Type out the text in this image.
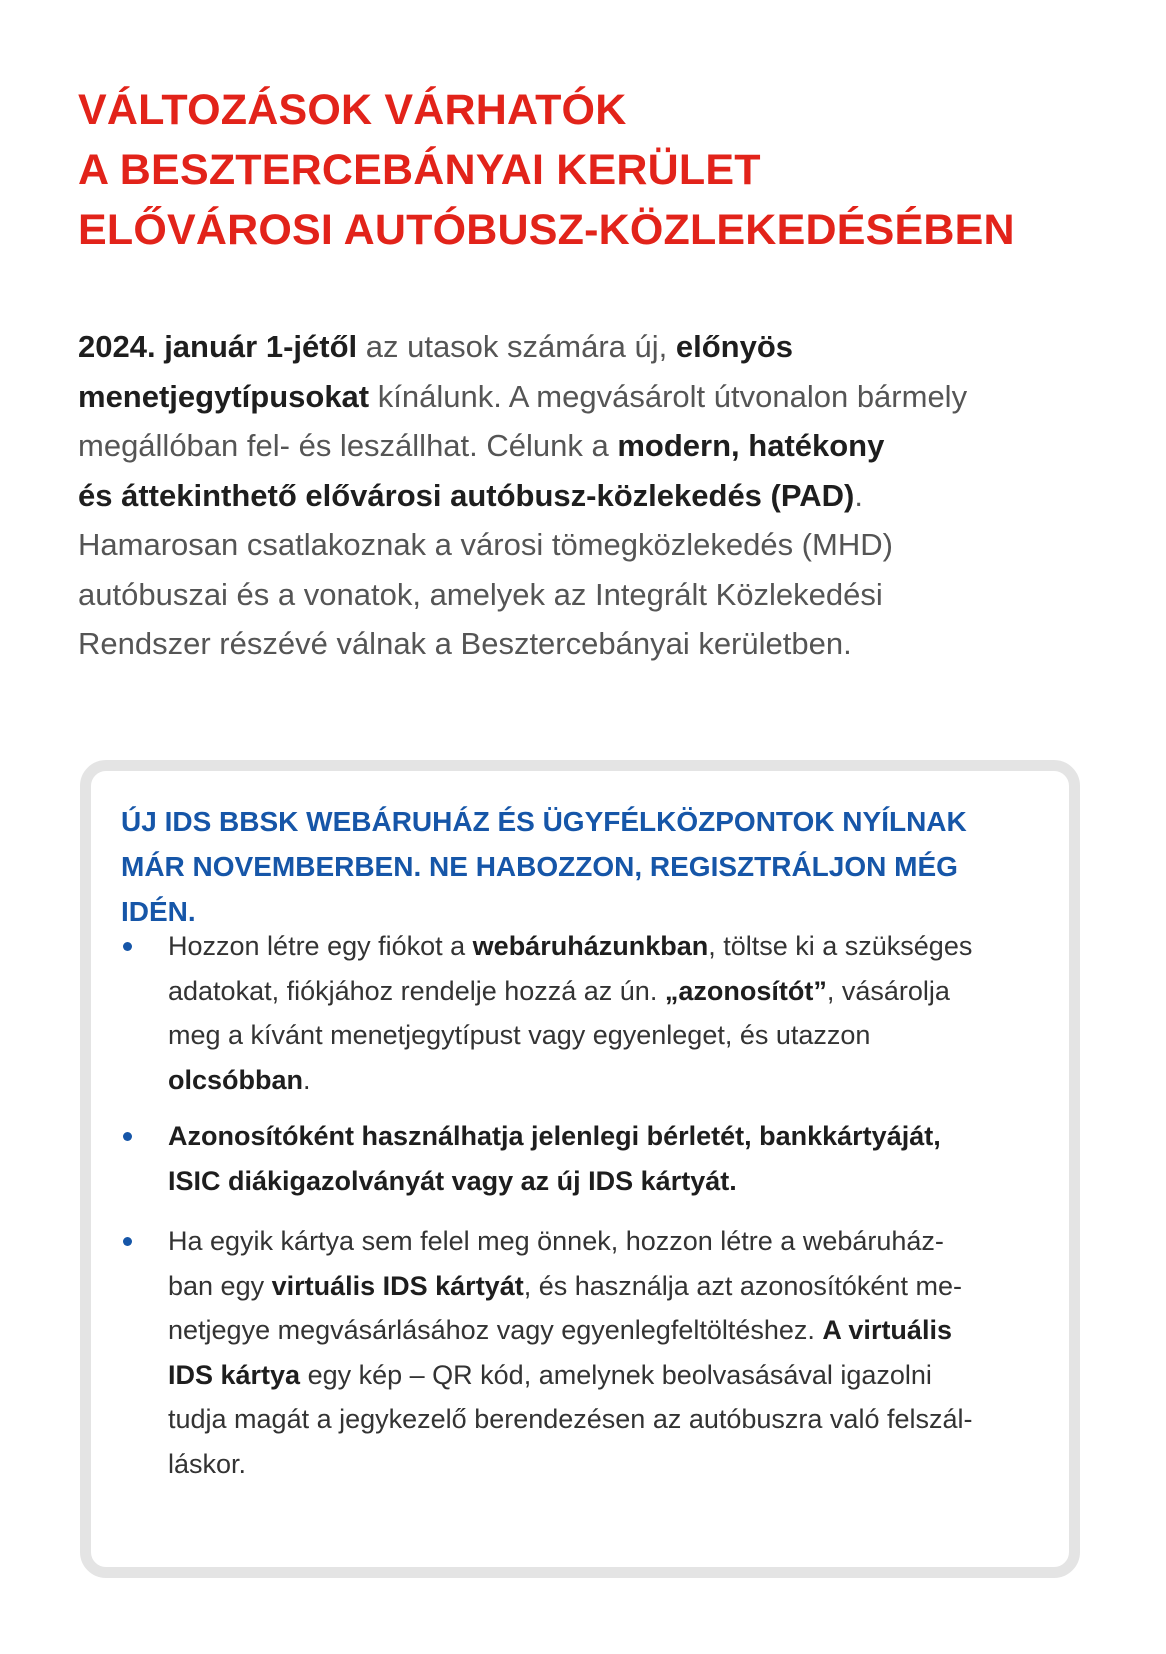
VÁLTOZÁSOK VÁRHATÓK
A BESZTERCEBÁNYAI KERÜLET
ELŐVÁROSI AUTÓBUSZ-KÖZLEKEDÉSÉBEN

2024. január 1-jétől az utasok számára új, előnyös
menetjegytípusokat kínálunk. A megvásárolt útvonalon bármely
megállóban fel- és leszállhat. Célunk a modern, hatékony
és áttekinthető elővárosi autóbusz-közlekedés (PAD).
Hamarosan csatlakoznak a városi tömegközlekedés (MHD)
autóbuszai és a vonatok, amelyek az Integrált Közlekedési
Rendszer részévé válnak a Besztercebányai kerületben.

ÚJ IDS BBSK WEBÁRUHÁZ ÉS ÜGYFÉLKÖZPONTOK NYÍLNAK
MÁR NOVEMBERBEN. NE HABOZZON, REGISZTRÁLJON MÉG
IDÉN.

Hozzon létre egy fiókot a webáruházunkban, töltse ki a szükséges
adatokat, fiókjához rendelje hozzá az ún. „azonosítót”, vásárolja
meg a kívánt menetjegytípust vagy egyenleget, és utazzon
olcsóbban.

Azonosítóként használhatja jelenlegi bérletét, bankkártyáját,
ISIC diákigazolványát vagy az új IDS kártyát.

Ha egyik kártya sem felel meg önnek, hozzon létre a webáruház-
ban egy virtuális IDS kártyát, és használja azt azonosítóként me-
netjegye megvásárlásához vagy egyenlegfeltöltéshez. A virtuális
IDS kártya egy kép – QR kód, amelynek beolvasásával igazolni
tudja magát a jegykezelő berendezésen az autóbuszra való felszál-
láskor.
